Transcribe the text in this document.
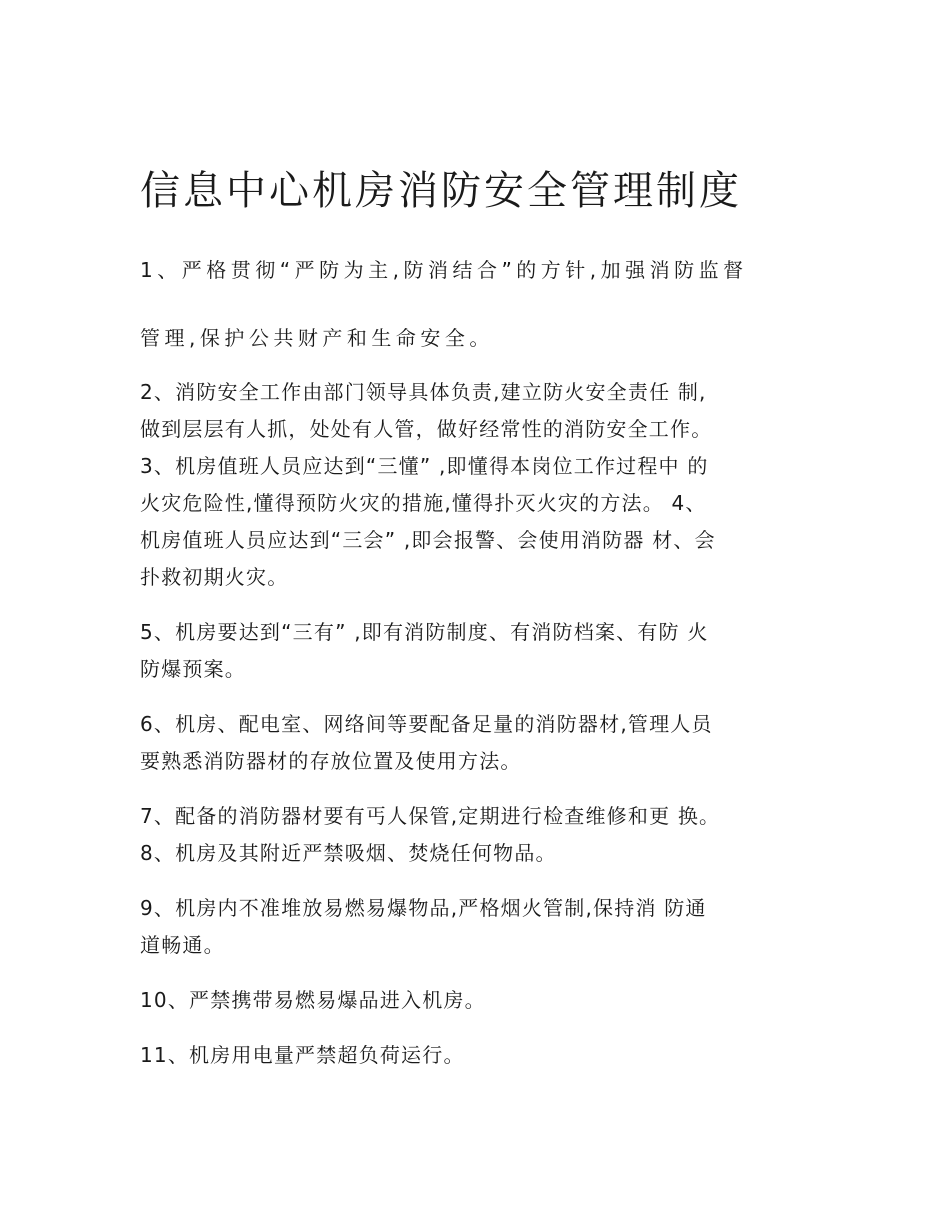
信息中心机房消防安全管理制度
1、严格贯彻“严防为主,防消结合”的方针,加强消防监督
管理,保护公共财产和生命安全。
2、消防安全工作由部门领导具体负责,建立防火安全责任 制,
做到层层有人抓，处处有人管，做好经常性的消防安全工作。
3、机房值班人员应达到“三懂” ,即懂得本岗位工作过程中 的
火灾危险性,懂得预防火灾的措施,懂得扑灭火灾的方法。 4、
机房值班人员应达到“三会” ,即会报警、会使用消防器 材、会
扑救初期火灾。
5、机房要达到“三有” ,即有消防制度、有消防档案、有防 火
防爆预案。
6、机房、配电室、网络间等要配备足量的消防器材,管理人员
要熟悉消防器材的存放位置及使用方法。
7、配备的消防器材要有丐人保管,定期进行检查维修和更 换。
8、机房及其附近严禁吸烟、焚烧任何物品。
9、机房内不准堆放易燃易爆物品,严格烟火管制,保持消 防通
道畅通。
10、严禁携带易燃易爆品进入机房。
11、机房用电量严禁超负荷运行。
